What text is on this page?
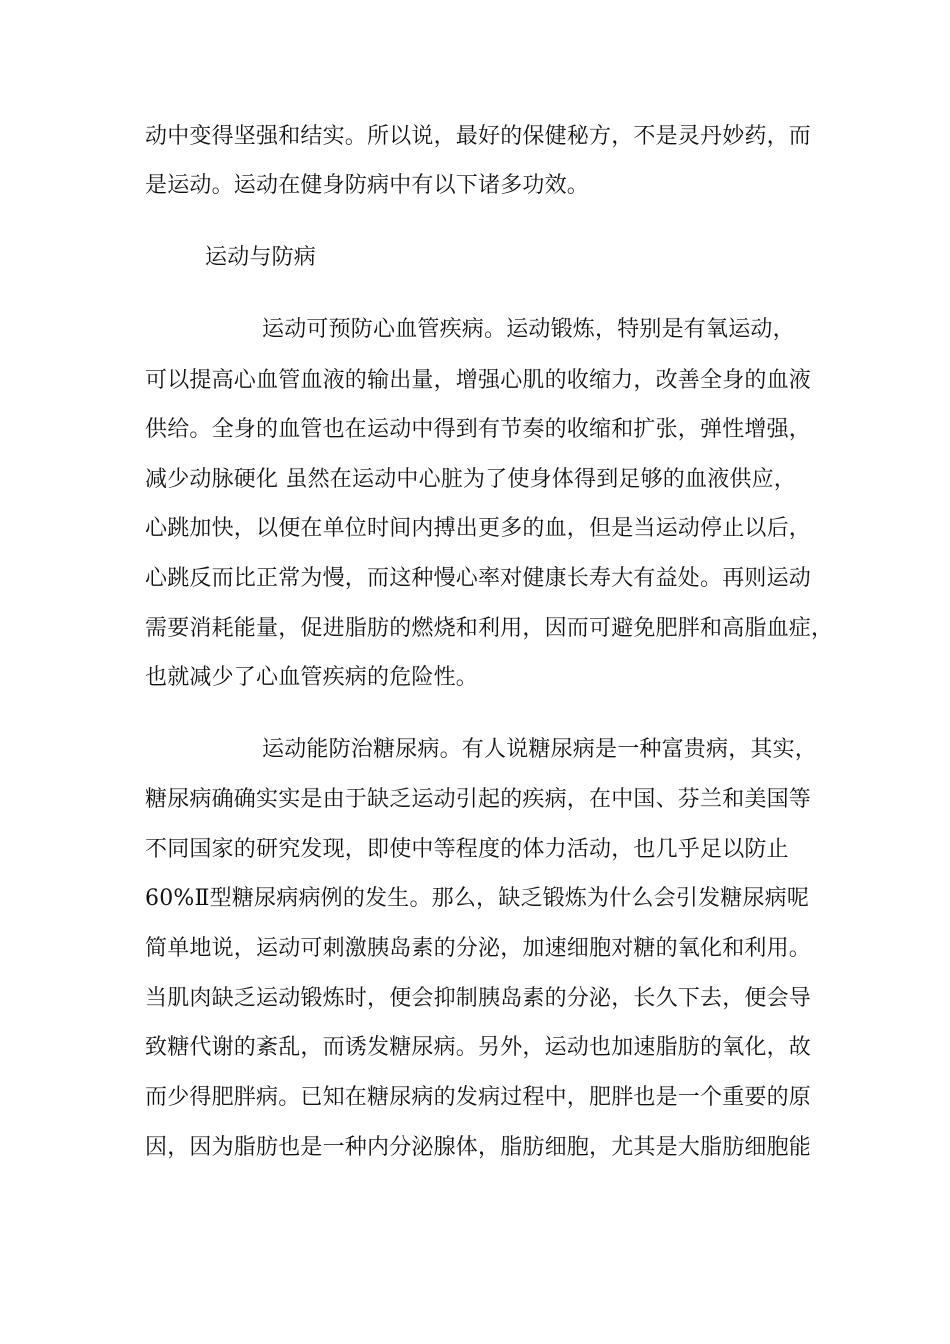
动中变得坚强和结实。所以说，最好的保健秘方，不是灵丹妙药，而
是运动。运动在健身防病中有以下诸多功效。
运动与防病
运动可预防心血管疾病。运动锻炼，特别是有氧运动，
可以提高心血管血液的输出量，增强心肌的收缩力，改善全身的血液
供给。全身的血管也在运动中得到有节奏的收缩和扩张，弹性增强，
减少动脉硬化 虽然在运动中心脏为了使身体得到足够的血液供应，
心跳加快，以便在单位时间内搏出更多的血，但是当运动停止以后，
心跳反而比正常为慢，而这种慢心率对健康长寿大有益处。再则运动
需要消耗能量，促进脂肪的燃烧和利用，因而可避免肥胖和高脂血症，
也就减少了心血管疾病的危险性。
运动能防治糖尿病。有人说糖尿病是一种富贵病，其实，
糖尿病确确实实是由于缺乏运动引起的疾病，在中国、芬兰和美国等
不同国家的研究发现，即使中等程度的体力活动，也几乎足以防止
60%Ⅱ型糖尿病病例的发生。那么，缺乏锻炼为什么会引发糖尿病呢
简单地说，运动可刺激胰岛素的分泌，加速细胞对糖的氧化和利用。
当肌肉缺乏运动锻炼时，便会抑制胰岛素的分泌，长久下去，便会导
致糖代谢的紊乱，而诱发糖尿病。另外，运动也加速脂肪的氧化，故
而少得肥胖病。已知在糖尿病的发病过程中，肥胖也是一个重要的原
因，因为脂肪也是一种内分泌腺体，脂肪细胞，尤其是大脂肪细胞能
